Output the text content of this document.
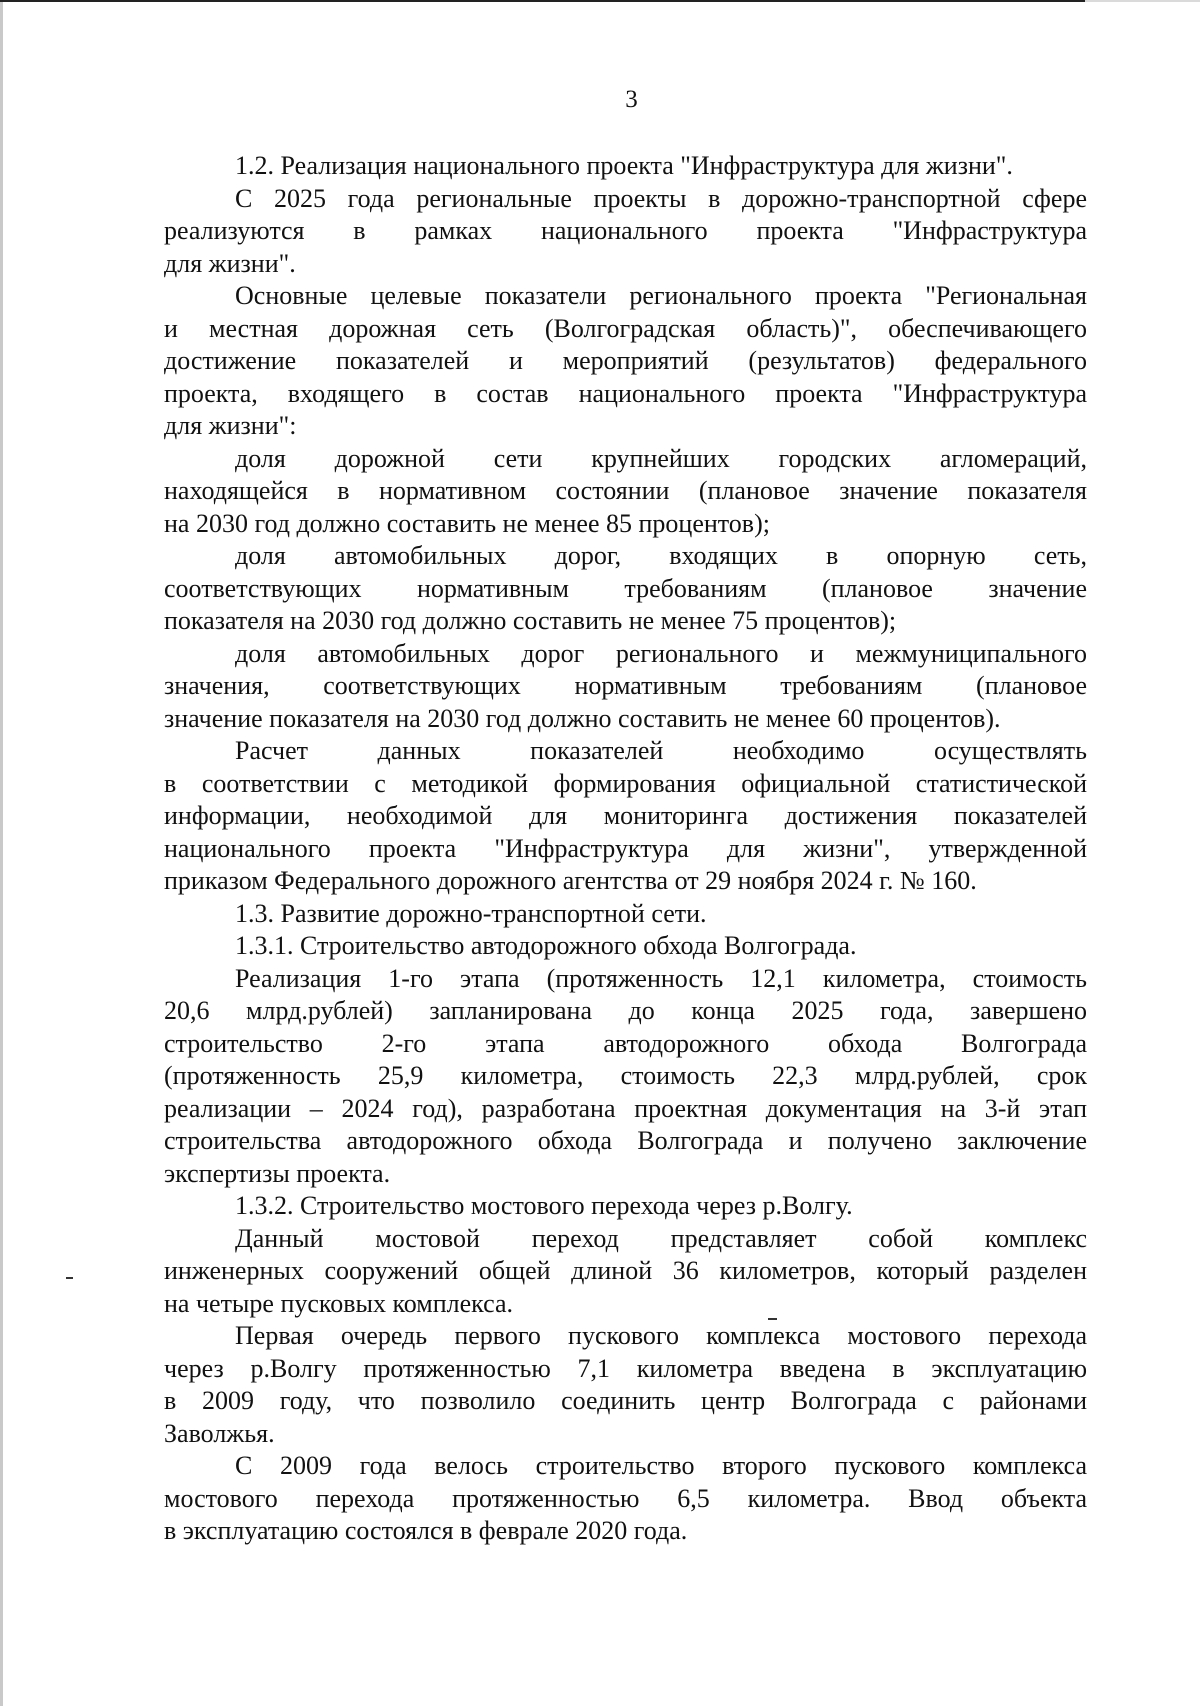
3
1.2. Реализация национального проекта "Инфраструктура для жизни".
С 2025 года региональные проекты в дорожно-транспортной сфере
реализуются в рамках национального проекта "Инфраструктура
для жизни".
Основные целевые показатели регионального проекта "Региональная
и местная дорожная сеть (Волгоградская область)", обеспечивающего
достижение показателей и мероприятий (результатов) федерального
проекта, входящего в состав национального проекта "Инфраструктура
для жизни":
доля дорожной сети крупнейших городских агломераций,
находящейся в нормативном состоянии (плановое значение показателя
на 2030 год должно составить не менее 85 процентов);
доля автомобильных дорог, входящих в опорную сеть,
соответствующих нормативным требованиям (плановое значение
показателя на 2030 год должно составить не менее 75 процентов);
доля автомобильных дорог регионального и межмуниципального
значения, соответствующих нормативным требованиям (плановое
значение показателя на 2030 год должно составить не менее 60 процентов).
Расчет данных показателей необходимо осуществлять
в соответствии с методикой формирования официальной статистической
информации, необходимой для мониторинга достижения показателей
национального проекта "Инфраструктура для жизни", утвержденной
приказом Федерального дорожного агентства от 29 ноября 2024 г. № 160.
1.3. Развитие дорожно-транспортной сети.
1.3.1. Строительство автодорожного обхода Волгограда.
Реализация 1-го этапа (протяженность 12,1 километра, стоимость
20,6 млрд.рублей) запланирована до конца 2025 года, завершено
строительство 2-го этапа автодорожного обхода Волгограда
(протяженность 25,9 километра, стоимость 22,3 млрд.рублей, срок
реализации – 2024 год), разработана проектная документация на 3-й этап
строительства автодорожного обхода Волгограда и получено заключение
экспертизы проекта.
1.3.2. Строительство мостового перехода через р.Волгу.
Данный мостовой переход представляет собой комплекс
инженерных сооружений общей длиной 36 километров, который разделен
на четыре пусковых комплекса.
Первая очередь первого пускового комплекса мостового перехода
через р.Волгу протяженностью 7,1 километра введена в эксплуатацию
в 2009 году, что позволило соединить центр Волгограда с районами
Заволжья.
С 2009 года велось строительство второго пускового комплекса
мостового перехода протяженностью 6,5 километра. Ввод объекта
в эксплуатацию состоялся в феврале 2020 года.
